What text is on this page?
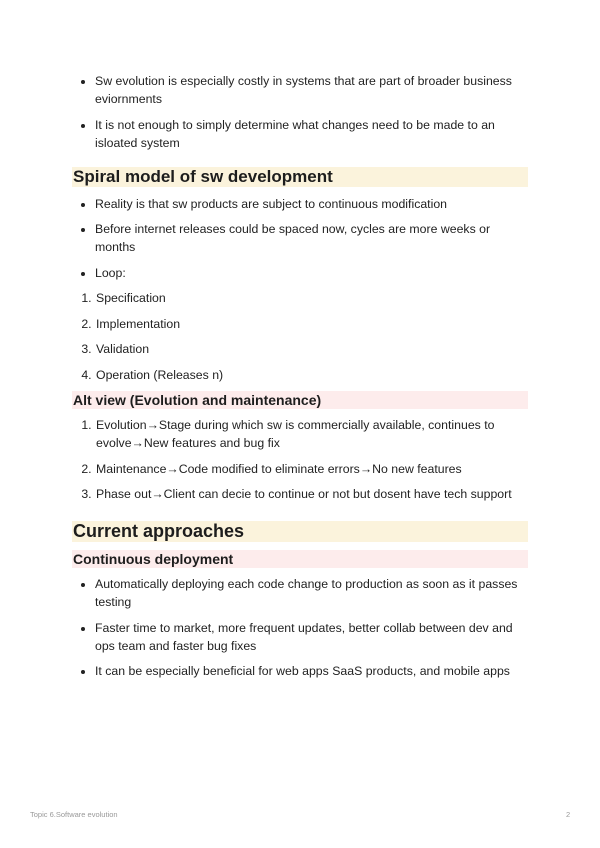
• Sw evolution is especially costly in systems that are part of broader business eviornments
• It is not enough to simply determine what changes need to be made to an isloated system
Spiral model of sw development
• Reality is that sw products are subject to continuous modification
• Before internet releases could be spaced now, cycles are more weeks or months
• Loop:
1. Specification
2. Implementation
3. Validation
4. Operation (Releases n)
Alt view (Evolution and maintenance)
1. Evolution→Stage during which sw is commercially available, continues to evolve→New features and bug fix
2. Maintenance→Code modified to eliminate errors→No new features
3. Phase out→Client can decie to continue or not but dosent have tech support
Current approaches
Continuous deployment
• Automatically deploying each code change to production as soon as it passes testing
• Faster time to market, more frequent updates, better collab between dev and ops team and faster bug fixes
• It can be especially beneficial for web apps SaaS products, and mobile apps
Topic 6.Software evolution	2
